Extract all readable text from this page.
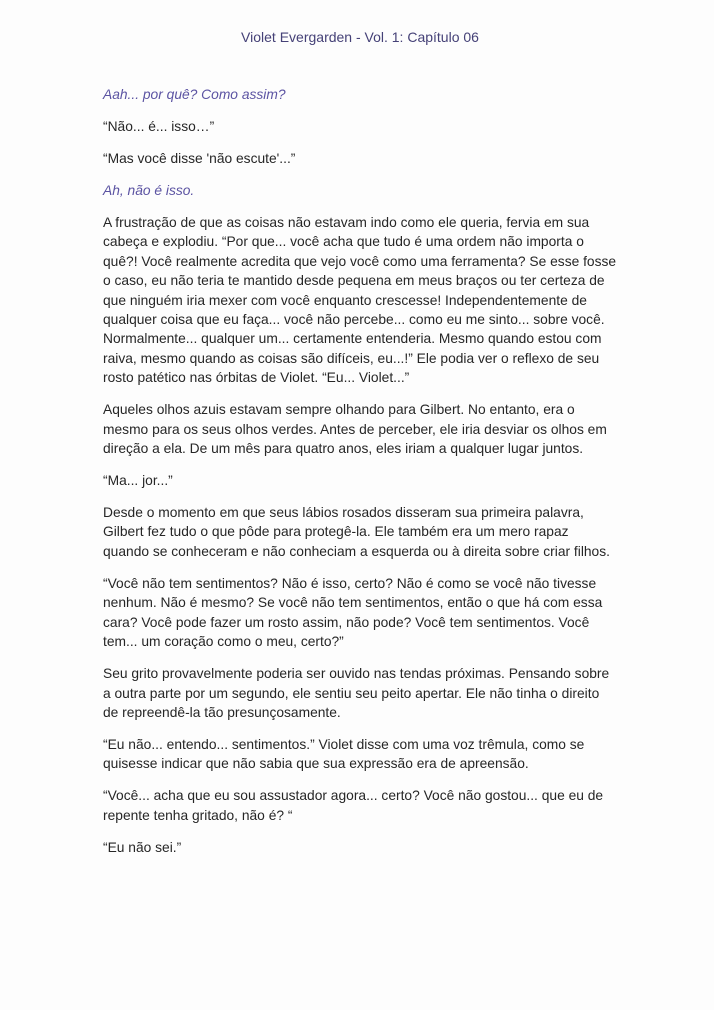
Violet Evergarden - Vol. 1: Capítulo 06

Aah... por quê? Como assim?

“Não... é... isso…”

“Mas você disse 'não escute'...”

Ah, não é isso.

A frustração de que as coisas não estavam indo como ele queria, fervia em sua cabeça e explodiu. “Por que... você acha que tudo é uma ordem não importa o quê?! Você realmente acredita que vejo você como uma ferramenta? Se esse fosse o caso, eu não teria te mantido desde pequena em meus braços ou ter certeza de que ninguém iria mexer com você enquanto crescesse! Independentemente de qualquer coisa que eu faça... você não percebe... como eu me sinto... sobre você. Normalmente... qualquer um... certamente entenderia. Mesmo quando estou com raiva, mesmo quando as coisas são difíceis, eu...!” Ele podia ver o reflexo de seu rosto patético nas órbitas de Violet. “Eu... Violet...”

Aqueles olhos azuis estavam sempre olhando para Gilbert. No entanto, era o mesmo para os seus olhos verdes. Antes de perceber, ele iria desviar os olhos em direção a ela. De um mês para quatro anos, eles iriam a qualquer lugar juntos.

“Ma... jor...”

Desde o momento em que seus lábios rosados disseram sua primeira palavra, Gilbert fez tudo o que pôde para protegê-la. Ele também era um mero rapaz quando se conheceram e não conheciam a esquerda ou à direita sobre criar filhos.

“Você não tem sentimentos? Não é isso, certo? Não é como se você não tivesse nenhum. Não é mesmo? Se você não tem sentimentos, então o que há com essa cara? Você pode fazer um rosto assim, não pode? Você tem sentimentos. Você tem... um coração como o meu, certo?”

Seu grito provavelmente poderia ser ouvido nas tendas próximas. Pensando sobre a outra parte por um segundo, ele sentiu seu peito apertar. Ele não tinha o direito de repreendê-la tão presunçosamente.

“Eu não... entendo... sentimentos.” Violet disse com uma voz trêmula, como se quisesse indicar que não sabia que sua expressão era de apreensão.

“Você... acha que eu sou assustador agora... certo? Você não gostou... que eu de repente tenha gritado, não é? “

“Eu não sei.”
